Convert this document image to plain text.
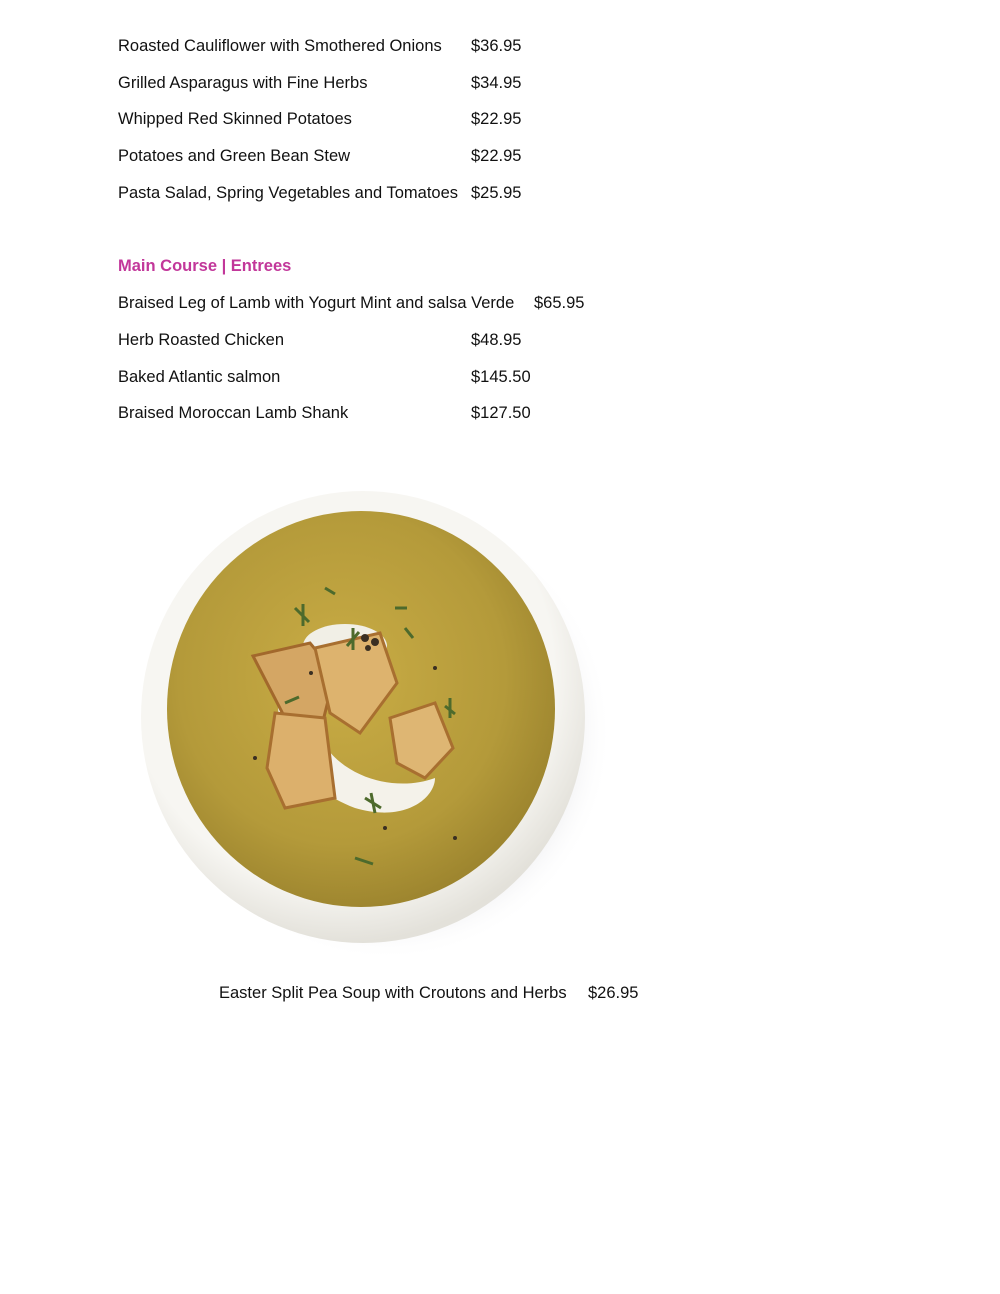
Roasted Cauliflower with Smothered Onions $36.95
Grilled Asparagus with Fine Herbs	$34.95
Whipped Red Skinned Potatoes	$22.95
Potatoes and Green Bean Stew	$22.95
Pasta Salad, Spring Vegetables and Tomatoes $25.95
Main Course | Entrees
Braised Leg of Lamb with Yogurt Mint and salsa Verde $65.95
Herb Roasted Chicken	$48.95
Baked Atlantic salmon	$145.50
Braised Moroccan Lamb Shank	$127.50
Easter Split Pea Soup with Croutons and Herbs $26.95
